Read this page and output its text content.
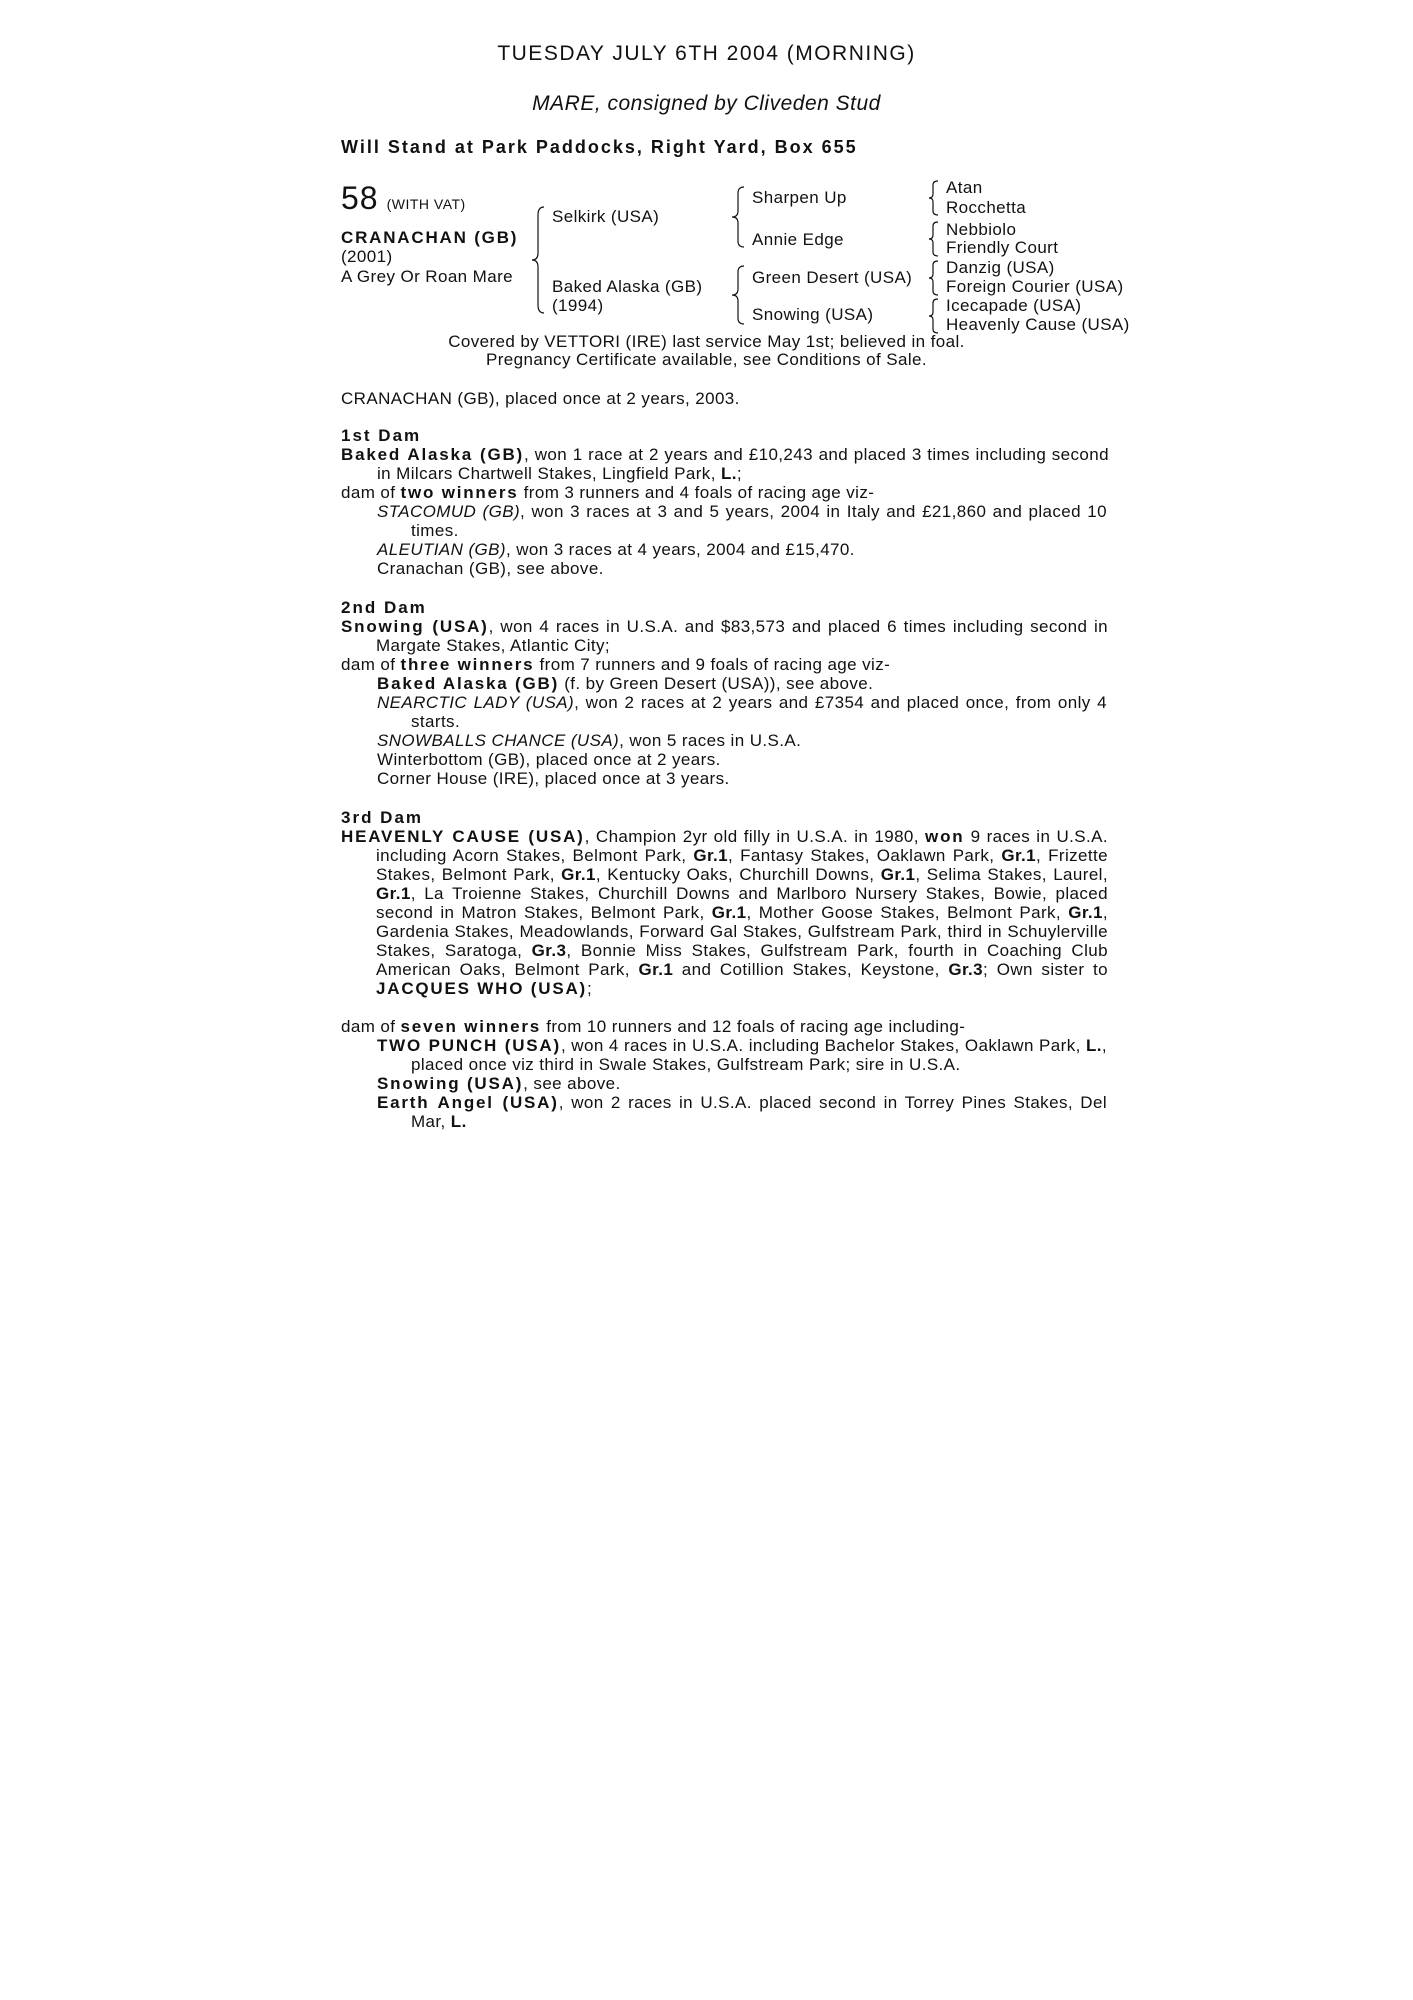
TUESDAY JULY 6TH 2004 (MORNING)
MARE, consigned by Cliveden Stud
Will Stand at Park Paddocks, Right Yard, Box 655
58 (WITH VAT)
CRANACHAN (GB)
(2001)
A Grey Or Roan Mare
Selkirk (USA)
Baked Alaska (GB)
(1994)
Sharpen Up
Annie Edge
Green Desert (USA)
Snowing (USA)
Atan
Rocchetta
Nebbiolo
Friendly Court
Danzig (USA)
Foreign Courier (USA)
Icecapade (USA)
Heavenly Cause (USA)
Covered by VETTORI (IRE) last service May 1st; believed in foal.
Pregnancy Certificate available, see Conditions of Sale.
CRANACHAN (GB), placed once at 2 years, 2003.
1st Dam
Baked Alaska (GB), won 1 race at 2 years and £10,243 and placed 3 times including second in Milcars Chartwell Stakes, Lingfield Park, L.;
dam of two winners from 3 runners and 4 foals of racing age viz-
STACOMUD (GB), won 3 races at 3 and 5 years, 2004 in Italy and £21,860 and placed 10 times.
ALEUTIAN (GB), won 3 races at 4 years, 2004 and £15,470.
Cranachan (GB), see above.
2nd Dam
Snowing (USA), won 4 races in U.S.A. and $83,573 and placed 6 times including second in Margate Stakes, Atlantic City;
dam of three winners from 7 runners and 9 foals of racing age viz-
Baked Alaska (GB) (f. by Green Desert (USA)), see above.
NEARCTIC LADY (USA), won 2 races at 2 years and £7354 and placed once, from only 4 starts.
SNOWBALLS CHANCE (USA), won 5 races in U.S.A.
Winterbottom (GB), placed once at 2 years.
Corner House (IRE), placed once at 3 years.
3rd Dam
HEAVENLY CAUSE (USA), Champion 2yr old filly in U.S.A. in 1980, won 9 races in U.S.A. including Acorn Stakes, Belmont Park, Gr.1, Fantasy Stakes, Oaklawn Park, Gr.1, Frizette Stakes, Belmont Park, Gr.1, Kentucky Oaks, Churchill Downs, Gr.1, Selima Stakes, Laurel, Gr.1, La Troienne Stakes, Churchill Downs and Marlboro Nursery Stakes, Bowie, placed second in Matron Stakes, Belmont Park, Gr.1, Mother Goose Stakes, Belmont Park, Gr.1, Gardenia Stakes, Meadowlands, Forward Gal Stakes, Gulfstream Park, third in Schuylerville Stakes, Saratoga, Gr.3, Bonnie Miss Stakes, Gulfstream Park, fourth in Coaching Club American Oaks, Belmont Park, Gr.1 and Cotillion Stakes, Keystone, Gr.3; Own sister to JACQUES WHO (USA);
dam of seven winners from 10 runners and 12 foals of racing age including-
TWO PUNCH (USA), won 4 races in U.S.A. including Bachelor Stakes, Oaklawn Park, L., placed once viz third in Swale Stakes, Gulfstream Park; sire in U.S.A.
Snowing (USA), see above.
Earth Angel (USA), won 2 races in U.S.A. placed second in Torrey Pines Stakes, Del Mar, L.
